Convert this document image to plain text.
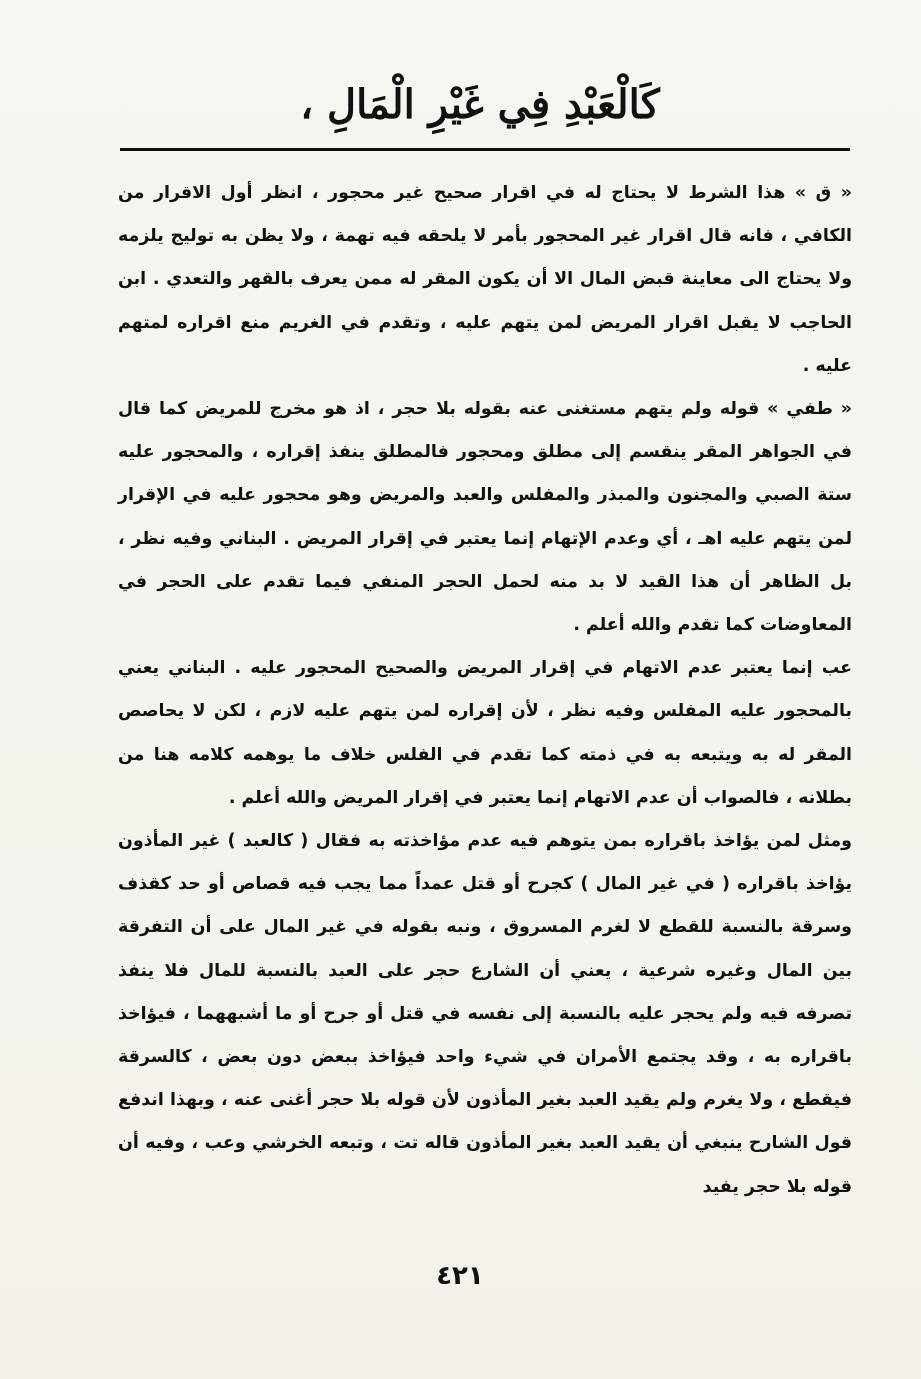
كَالْعَبْدِ فِي غَيْرِ الْمَالِ ،

« ق » هذا الشرط لا يحتاج له في اقرار صحيح غير محجور ، انظر أول الاقرار من الكافي ، فانه قال اقرار غير المحجور بأمر لا يلحقه فيه تهمة ، ولا يظن به توليج يلزمه ولا يحتاج الى معاينة قبض المال الا أن يكون المقر له ممن يعرف بالقهر والتعدي . ابن الحاجب لا يقبل اقرار المريض لمن يتهم عليه ، وتقدم في الغريم منع اقراره لمتهم عليه .

« طفي » قوله ولم يتهم مستغنى عنه بقوله بلا حجر ، اذ هو مخرج للمريض كما قال في الجواهر المقر ينقسم إلى مطلق ومحجور فالمطلق ينفذ إقراره ، والمحجور عليه ستة الصبي والمجنون والمبذر والمفلس والعبد والمريض وهو محجور عليه في الإقرار لمن يتهم عليه اهـ ، أي وعدم الإتهام إنما يعتبر في إقرار المريض . البناني وفيه نظر ، بل الظاهر أن هذا القيد لا بد منه لحمل الحجر المنفي فيما تقدم على الحجر في المعاوضات كما تقدم والله أعلم .

عب إنما يعتبر عدم الاتهام في إقرار المريض والصحيح المحجور عليه . البناني يعني بالمحجور عليه المفلس وفيه نظر ، لأن إقراره لمن يتهم عليه لازم ، لكن لا يحاصص المقر له به ويتبعه به في ذمته كما تقدم في الفلس خلاف ما يوهمه كلامه هنا من بطلانه ، فالصواب أن عدم الاتهام إنما يعتبر في إقرار المريض والله أعلم .

ومثل لمن يؤاخذ باقراره بمن يتوهم فيه عدم مؤاخذته به فقال ( كالعبد ) غير المأذون يؤاخذ باقراره ( في غير المال ) كجرح أو قتل عمداً مما يجب فيه قصاص أو حد كقذف وسرقة بالنسبة للقطع لا لغرم المسروق ، ونبه بقوله في غير المال على أن التفرقة بين المال وغيره شرعية ، يعني أن الشارع حجر على العبد بالنسبة للمال فلا ينفذ تصرفه فيه ولم يحجر عليه بالنسبة إلى نفسه في قتل أو جرح أو ما أشبههما ، فيؤاخذ باقراره به ، وقد يجتمع الأمران في شيء واحد فيؤاخذ ببعض دون بعض ، كالسرقة فيقطع ، ولا يغرم ولم يقيد العبد بغير المأذون لأن قوله بلا حجر أغنى عنه ، وبهذا اندفع قول الشارح ينبغي أن يقيد العبد بغير المأذون قاله تت ، وتبعه الخرشي وعب ، وفيه أن قوله بلا حجر يفيد

٤٢١
